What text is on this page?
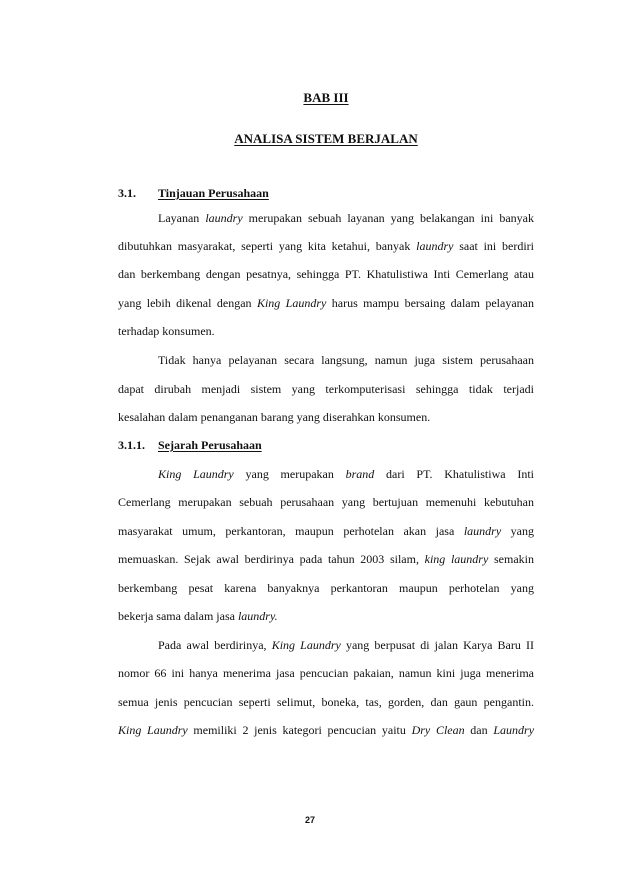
BAB III
ANALISA SISTEM BERJALAN
3.1. Tinjauan Perusahaan
Layanan laundry merupakan sebuah layanan yang belakangan ini banyak
dibutuhkan masyarakat, seperti yang kita ketahui, banyak laundry saat ini berdiri
dan berkembang dengan pesatnya, sehingga PT. Khatulistiwa Inti Cemerlang atau
yang lebih dikenal dengan King Laundry harus mampu bersaing dalam pelayanan
terhadap konsumen.
Tidak hanya pelayanan secara langsung, namun juga sistem perusahaan
dapat dirubah menjadi sistem yang terkomputerisasi sehingga tidak terjadi
kesalahan dalam penanganan barang yang diserahkan konsumen.
3.1.1. Sejarah Perusahaan
King Laundry yang merupakan brand dari PT. Khatulistiwa Inti
Cemerlang merupakan sebuah perusahaan yang bertujuan memenuhi kebutuhan
masyarakat umum, perkantoran, maupun perhotelan akan jasa laundry yang
memuaskan. Sejak awal berdirinya pada tahun 2003 silam, king laundry semakin
berkembang pesat karena banyaknya perkantoran maupun perhotelan yang
bekerja sama dalam jasa laundry.
Pada awal berdirinya, King Laundry yang berpusat di jalan Karya Baru II
nomor 66 ini hanya menerima jasa pencucian pakaian, namun kini juga menerima
semua jenis pencucian seperti selimut, boneka, tas, gorden, dan gaun pengantin.
King Laundry memiliki 2 jenis kategori pencucian yaitu Dry Clean dan Laundry
27
